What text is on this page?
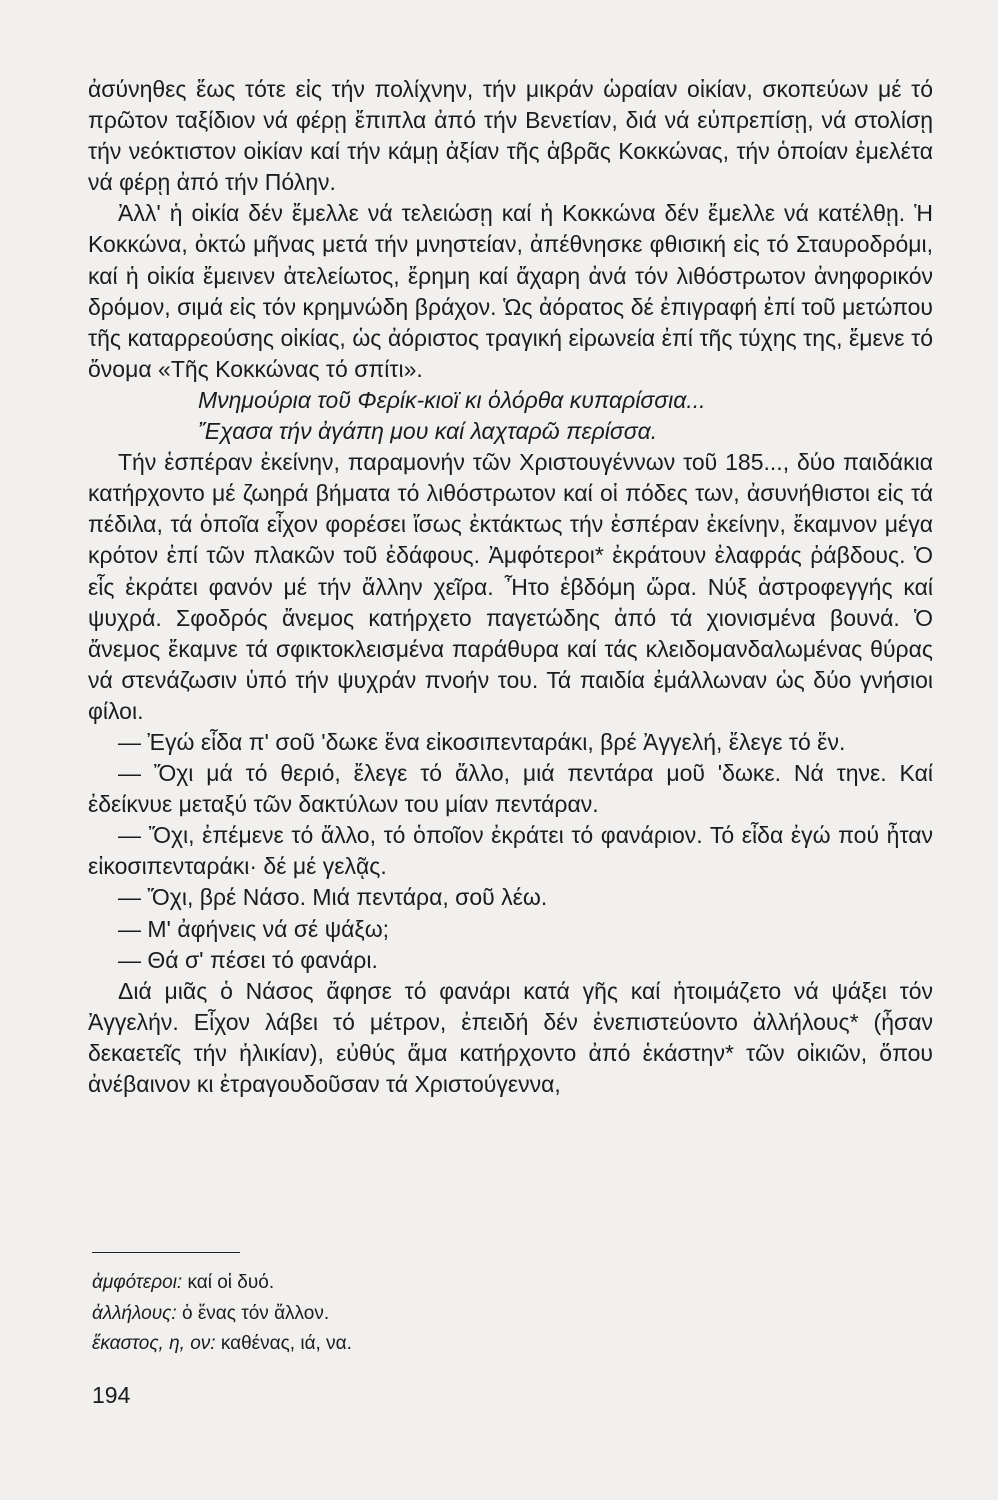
ἀσύνηθες ἕως τότε εἰς τήν πολίχνην, τήν μικράν ὡραίαν οἰκίαν, σκοπεύων μέ τό πρῶτον ταξίδιον νά φέρῃ ἔπιπλα ἀπό τήν Βενετίαν, διά νά εὐπρεπίσῃ, νά στολίσῃ τήν νεόκτιστον οἰκίαν καί τήν κάμῃ ἀξίαν τῆς ἁβρᾶς Κοκκώνας, τήν ὁποίαν ἐμελέτα νά φέρῃ ἀπό τήν Πόλην.

Ἀλλ' ἡ οἰκία δέν ἔμελλε νά τελειώσῃ καί ἡ Κοκκώνα δέν ἔμελλε νά κατέλθῃ. Ἡ Κοκκώνα, ὀκτώ μῆνας μετά τήν μνηστείαν, ἀπέθνησκε φθισική εἰς τό Σταυροδρόμι, καί ἡ οἰκία ἔμεινεν ἀτελείωτος, ἔρημη καί ἄχαρη ἀνά τόν λιθόστρωτον ἀνηφορικόν δρόμον, σιμά εἰς τόν κρημνώδη βράχον. Ὡς ἀόρατος δέ ἐπιγραφή ἐπί τοῦ μετώπου τῆς καταρρεούσης οἰκίας, ὡς ἀόριστος τραγική εἰρωνεία ἐπί τῆς τύχης της, ἔμενε τό ὄνομα «Τῆς Κοκκώνας τό σπίτι».

Μνημούρια τοῦ Φερίκ-κιοϊ κι ὁλόρθα κυπαρίσσια...
Ἔχασα τήν ἀγάπη μου καί λαχταρῶ περίσσα.

Τήν ἑσπέραν ἐκείνην, παραμονήν τῶν Χριστουγέννων τοῦ 185..., δύο παιδάκια κατήρχοντο μέ ζωηρά βήματα τό λιθόστρωτον καί οἱ πόδες των, ἀσυνήθιστοι εἰς τά πέδιλα, τά ὁποῖα εἶχον φορέσει ἴσως ἐκτάκτως τήν ἑσπέραν ἐκείνην, ἔκαμνον μέγα κρότον ἐπί τῶν πλακῶν τοῦ ἐδάφους. Ἀμφότεροι* ἐκράτουν ἐλαφράς ῥάβδους. Ὁ εἷς ἐκράτει φανόν μέ τήν ἄλλην χεῖρα. Ἦτο ἑβδόμη ὥρα. Νύξ ἀστροφεγγής καί ψυχρά. Σφοδρός ἄνεμος κατήρχετο παγετώδης ἀπό τά χιονισμένα βουνά. Ὁ ἄνεμος ἔκαμνε τά σφικτοκλεισμένα παράθυρα καί τάς κλειδομανδαλωμένας θύρας νά στενάζωσιν ὑπό τήν ψυχράν πνοήν του. Τά παιδία ἐμάλλωναν ὡς δύο γνήσιοι φίλοι.

— Ἐγώ εἶδα π' σοῦ 'δωκε ἕνα εἰκοσιπενταράκι, βρέ Ἀγγελή, ἔλεγε τό ἕν.

— Ὄχι μά τό θεριό, ἔλεγε τό ἄλλο, μιά πεντάρα μοῦ 'δωκε. Νά τηνε. Καί ἐδείκνυε μεταξύ τῶν δακτύλων του μίαν πεντάραν.

— Ὄχι, ἐπέμενε τό ἄλλο, τό ὁποῖον ἐκράτει τό φανάριον. Τό εἶδα ἐγώ πού ἦταν εἰκοσιπενταράκι· δέ μέ γελᾷς.

— Ὄχι, βρέ Νάσο. Μιά πεντάρα, σοῦ λέω.

— Μ' ἀφήνεις νά σέ ψάξω;

— Θά σ' πέσει τό φανάρι.

Διά μιᾶς ὁ Νάσος ἄφησε τό φανάρι κατά γῆς καί ἡτοιμάζετο νά ψάξει τόν Ἀγγελήν. Εἶχον λάβει τό μέτρον, ἐπειδή δέν ἐνεπιστεύοντο ἀλλήλους* (ἦσαν δεκαετεῖς τήν ἡλικίαν), εὐθύς ἅμα κατήρχοντο ἀπό ἑκάστην* τῶν οἰκιῶν, ὅπου ἀνέβαινον κι ἐτραγουδοῦσαν τά Χριστούγεννα,

ἀμφότεροι: καί οἱ δυό.
ἀλλήλους: ὁ ἕνας τόν ἄλλον.
ἕκαστος, η, ον: καθένας, ιά, να.
194
